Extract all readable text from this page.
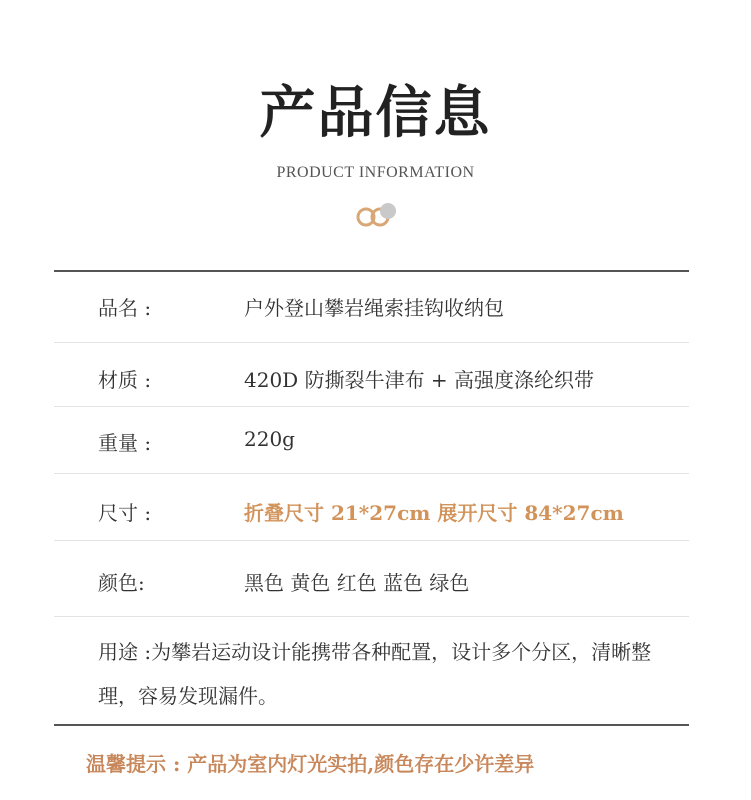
产品信息
PRODUCT INFORMATION
品名 :	户外登山攀岩绳索挂钩收纳包
材质 :	420D 防撕裂牛津布 + 高强度涤纶织带
重量 :	220g
尺寸 :	折叠尺寸 21*27cm 展开尺寸 84*27cm
颜色:	黑色 黄色 红色 蓝色 绿色
用途 :为攀岩运动设计能携带各种配置，设计多个分区，清晰整理，容易发现漏件。
温馨提示 : 产品为室内灯光实拍,颜色存在少许差异
